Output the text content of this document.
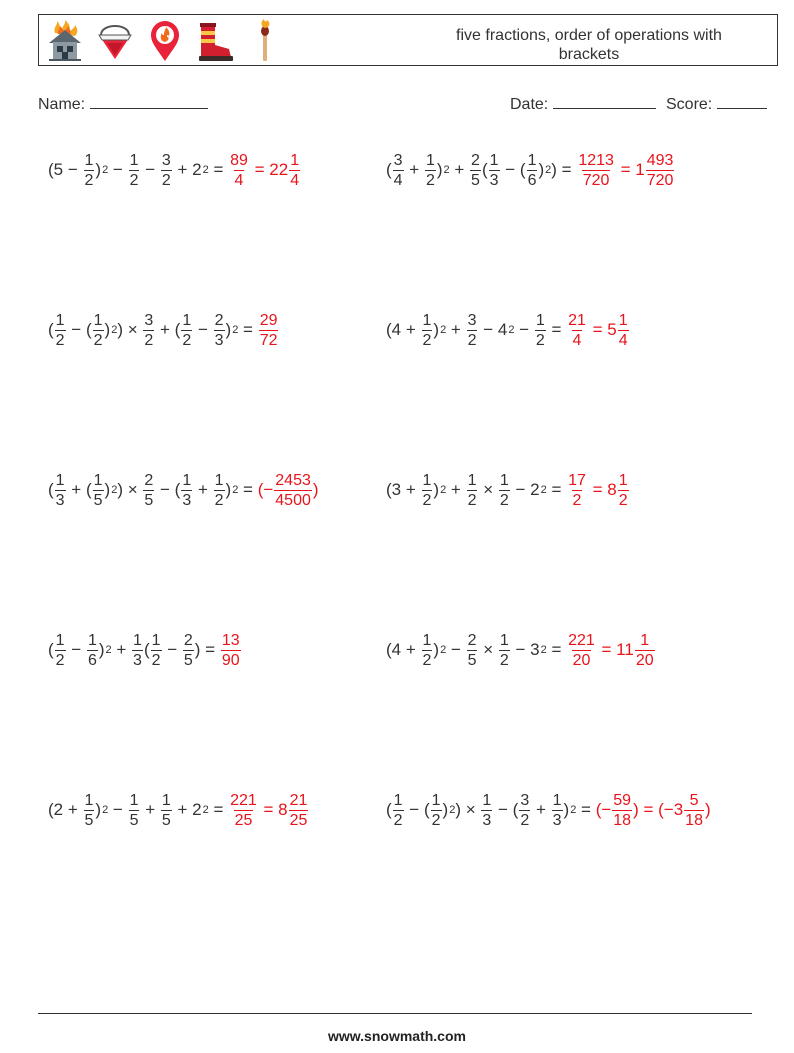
five fractions, order of operations with brackets
Name:	Date:	Score:
($5 - \frac{1}{2}$ ) $2 - \frac{1}{2} - \frac{3}{2} + 2$ $2 = \frac{89}{4} = 22 \frac{1}{4}$	( $\frac{3}{4} + \frac{1}{2}$ ) $2 + \frac{2}{5}$ ( $\frac{1}{3}$ − ( $\frac{1}{6}$ ) 2 ) = $\frac{1213}{720} = 1 \frac{493}{720}$
( $\frac{1}{2}$ − ( $\frac{1}{2}$ ) 2 ) × $\frac{3}{2}$ + ( $\frac{1}{2} - \frac{2}{3}$ ) $2 = \frac{29}{72}$	($4 + \frac{1}{2}$ ) $2 + \frac{3}{2} - 4$ $2 - \frac{1}{2} = \frac{21}{4} = 5 \frac{1}{4}$
( $\frac{1}{3}$ + ( $\frac{1}{5}$ ) 2 ) × $\frac{2}{5}$ − ( $\frac{1}{3} + \frac{1}{2}$ ) 2 = (− $\frac{2453}{4500}$ )	($3 + \frac{1}{2}$ ) $2 + \frac{1}{2} \times \frac{1}{2} - 2$ $2 = \frac{17}{2} = 8 \frac{1}{2}$
( $\frac{1}{2} - \frac{1}{6}$ ) $2 + \frac{1}{3}$ ( $\frac{1}{2} - \frac{2}{5}$ ) = $\frac{13}{90}$	($4 + \frac{1}{2}$ ) $2 - \frac{2}{5} \times \frac{1}{2} - 3$ $2 = \frac{221}{20} = 11 \frac{1}{20}$
($2 + \frac{1}{5}$ ) $2 - \frac{1}{5} + \frac{1}{5} + 2$ $2 = \frac{221}{25} = 8 \frac{21}{25}$	( $\frac{1}{2}$ − ( $\frac{1}{2}$ ) 2 ) × $\frac{1}{3}$ − ( $\frac{3}{2} + \frac{1}{3}$ ) 2 = (− $\frac{59}{18}$ ) = ($-3 \frac{5}{18}$ )
www.snowmath.com
